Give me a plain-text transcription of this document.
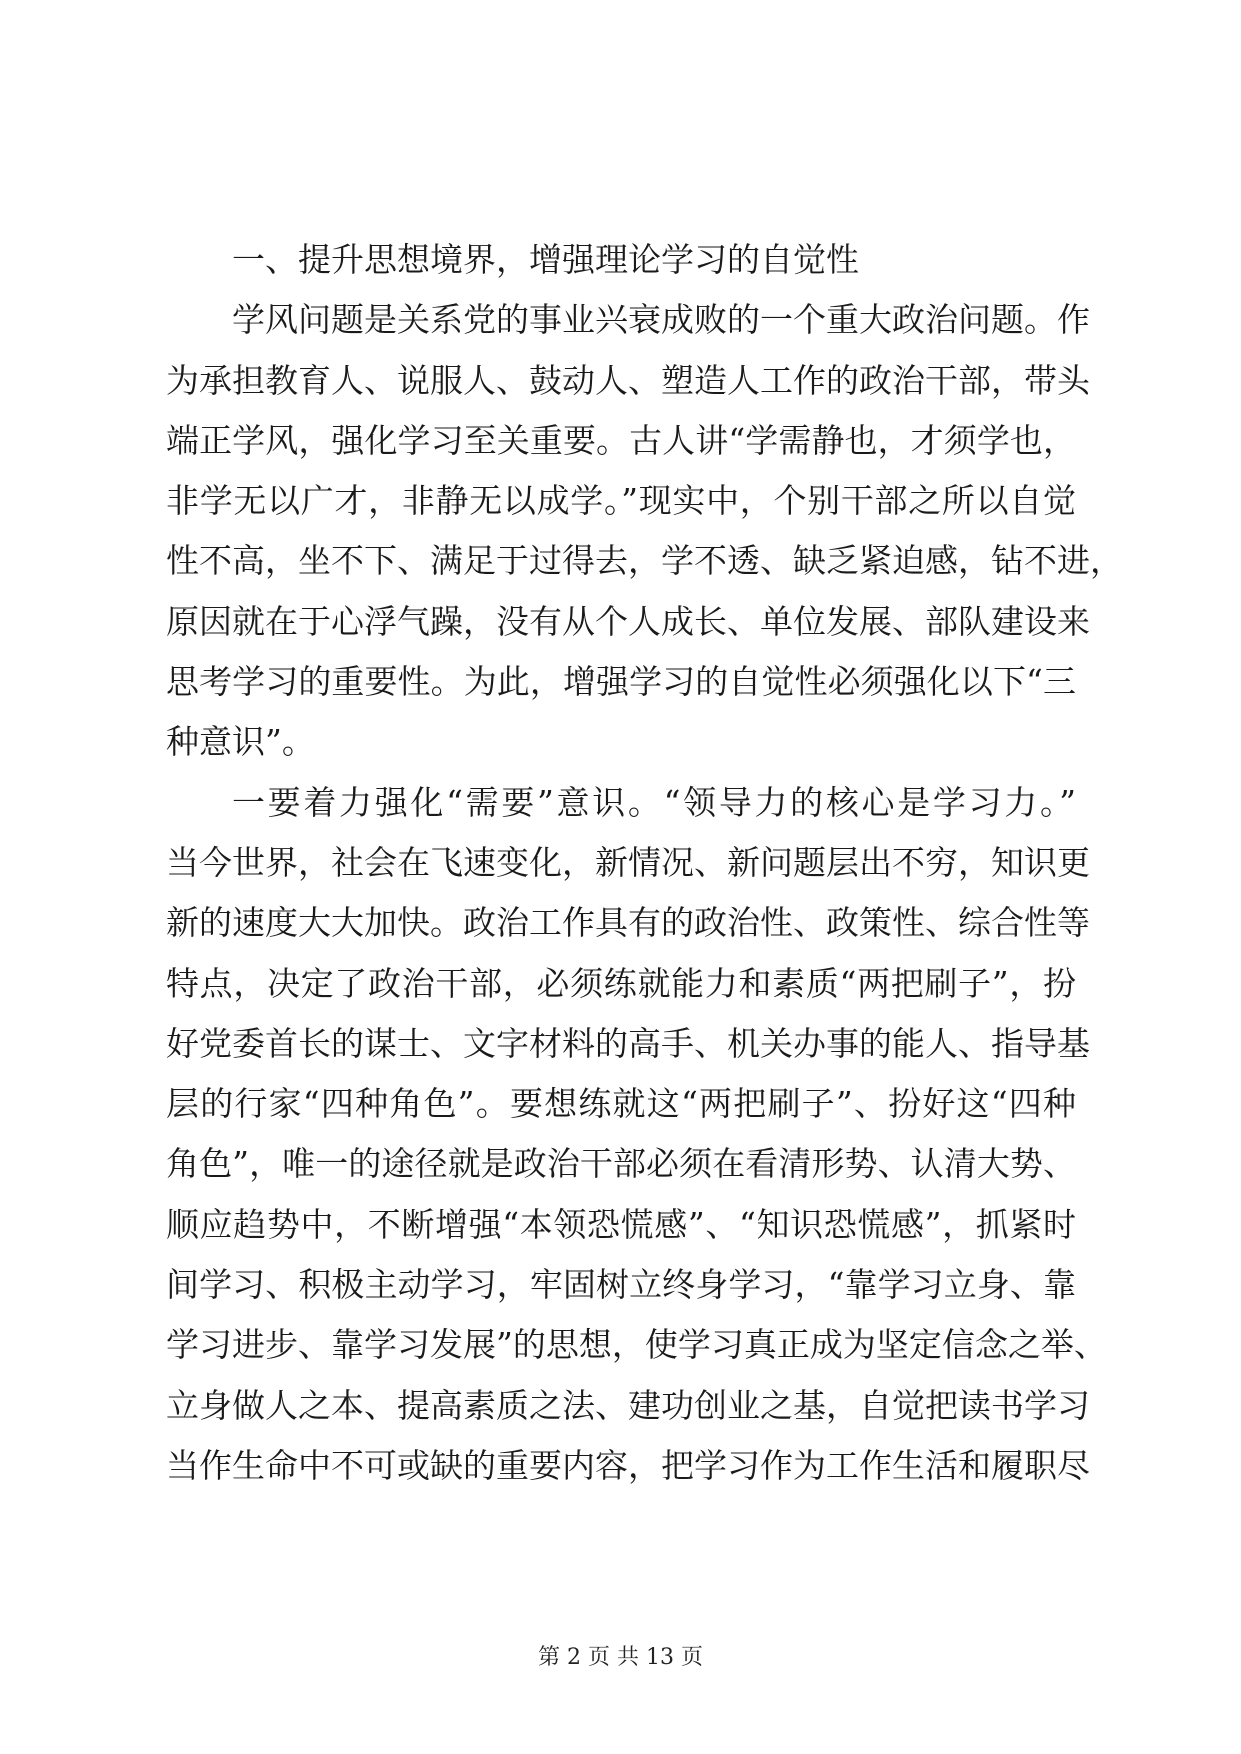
一、提升思想境界，增强理论学习的自觉性
学风问题是关系党的事业兴衰成败的一个重大政治问题。作
为承担教育人、说服人、鼓动人、塑造人工作的政治干部，带头
端正学风，强化学习至关重要。古人讲“学需静也，才须学也，
非学无以广才，非静无以成学。”现实中，个别干部之所以自觉
性不高，坐不下、满足于过得去，学不透、缺乏紧迫感，钻不进，
原因就在于心浮气躁，没有从个人成长、单位发展、部队建设来
思考学习的重要性。为此，增强学习的自觉性必须强化以下“三
种意识”。
一要着力强化“需要”意识。“领导力的核心是学习力。”
当今世界，社会在飞速变化，新情况、新问题层出不穷，知识更
新的速度大大加快。政治工作具有的政治性、政策性、综合性等
特点，决定了政治干部，必须练就能力和素质“两把刷子”，扮
好党委首长的谋士、文字材料的高手、机关办事的能人、指导基
层的行家“四种角色”。要想练就这“两把刷子”、扮好这“四种
角色”，唯一的途径就是政治干部必须在看清形势、认清大势、
顺应趋势中，不断增强“本领恐慌感”、“知识恐慌感”，抓紧时
间学习、积极主动学习，牢固树立终身学习，“靠学习立身、靠
学习进步、靠学习发展”的思想，使学习真正成为坚定信念之举、
立身做人之本、提高素质之法、建功创业之基，自觉把读书学习
当作生命中不可或缺的重要内容，把学习作为工作生活和履职尽
第 2 页 共 13 页
